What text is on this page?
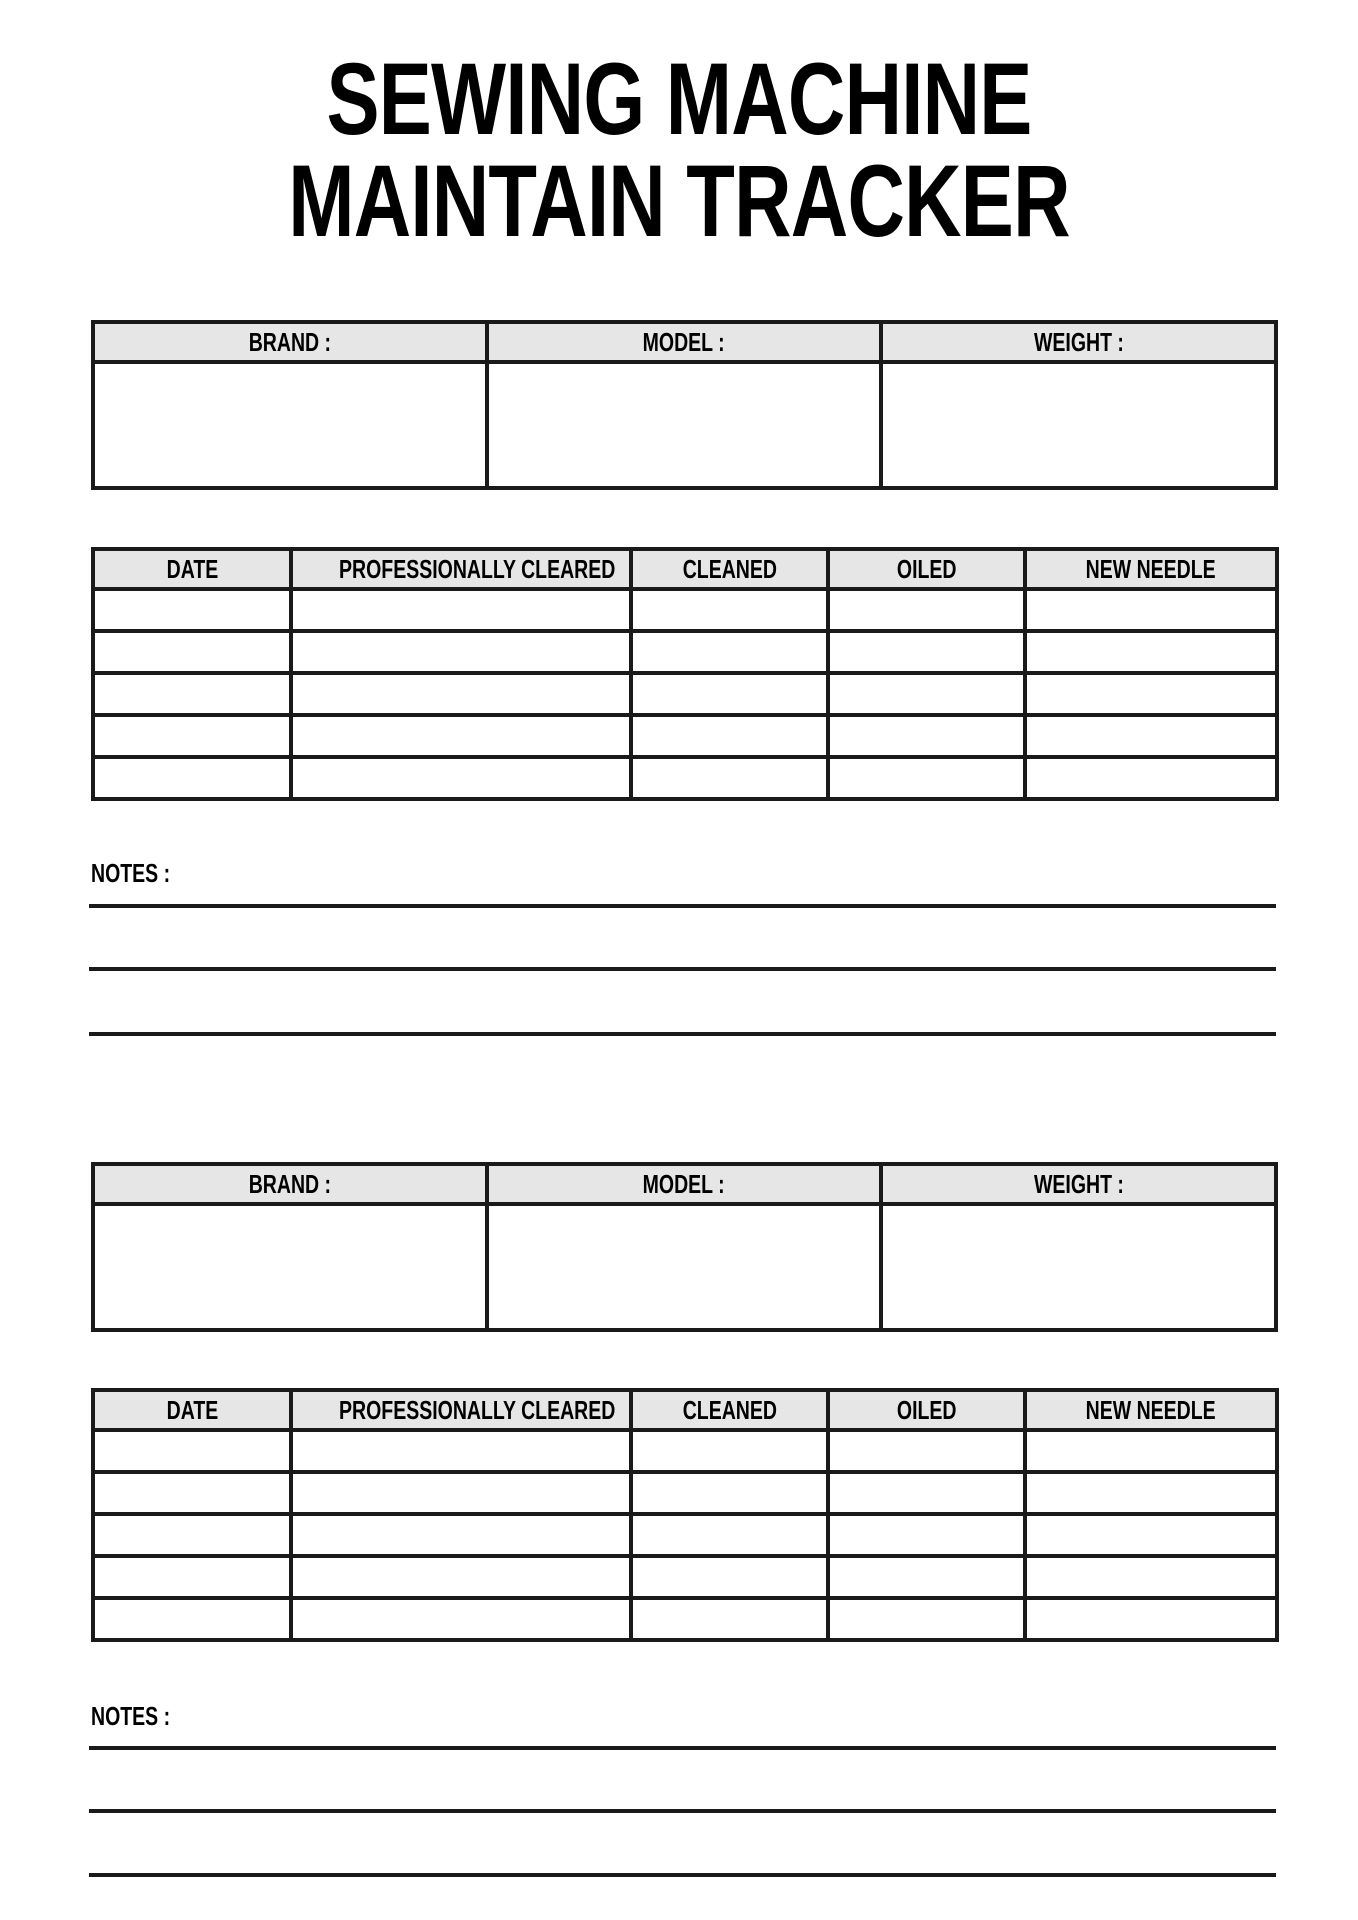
SEWING MACHINE
MAINTAIN TRACKER
BRAND :	MODEL :	WEIGHT :

DATE	PROFESSIONALLY CLEARED	CLEANED	OILED	NEW NEEDLE

NOTES :
BRAND :	MODEL :	WEIGHT :

DATE	PROFESSIONALLY CLEARED	CLEANED	OILED	NEW NEEDLE

NOTES :
